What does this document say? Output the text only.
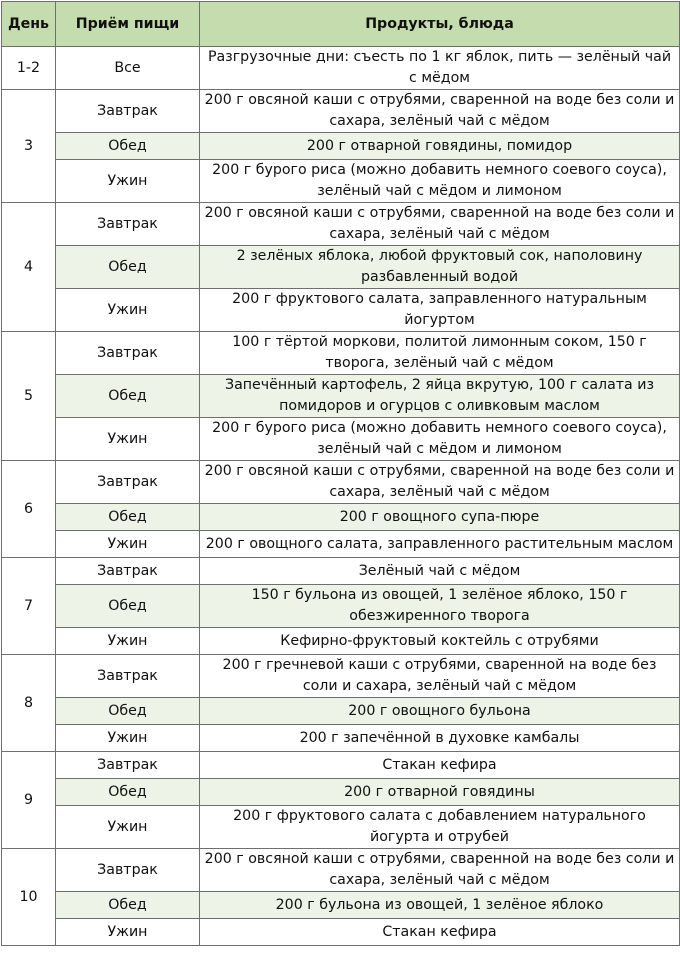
День	Приём пищи	Продукты, блюда
1-2	Все	Разгрузочные дни: съесть по 1 кг яблок, пить — зелёный чай с мёдом
3	Завтрак	200 г овсяной каши с отрубями, сваренной на воде без соли и сахара, зелёный чай с мёдом
	Обед	200 г отварной говядины, помидор
	Ужин	200 г бурого риса (можно добавить немного соевого соуса), зелёный чай с мёдом и лимоном
4	Завтрак	200 г овсяной каши с отрубями, сваренной на воде без соли и сахара, зелёный чай с мёдом
	Обед	2 зелёных яблока, любой фруктовый сок, наполовину разбавленный водой
	Ужин	200 г фруктового салата, заправленного натуральным йогуртом
5	Завтрак	100 г тёртой моркови, политой лимонным соком, 150 г творога, зелёный чай с мёдом
	Обед	Запечённый картофель, 2 яйца вкрутую, 100 г салата из помидоров и огурцов с оливковым маслом
	Ужин	200 г бурого риса (можно добавить немного соевого соуса), зелёный чай с мёдом и лимоном
6	Завтрак	200 г овсяной каши с отрубями, сваренной на воде без соли и сахара, зелёный чай с мёдом
	Обед	200 г овощного супа-пюре
	Ужин	200 г овощного салата, заправленного растительным маслом
7	Завтрак	Зелёный чай с мёдом
	Обед	150 г бульона из овощей, 1 зелёное яблоко, 150 г обезжиренного творога
	Ужин	Кефирно-фруктовый коктейль с отрубями
8	Завтрак	200 г гречневой каши с отрубями, сваренной на воде без соли и сахара, зелёный чай с мёдом
	Обед	200 г овощного бульона
	Ужин	200 г запечённой в духовке камбалы
9	Завтрак	Стакан кефира
	Обед	200 г отварной говядины
	Ужин	200 г фруктового салата с добавлением натурального йогурта и отрубей
10	Завтрак	200 г овсяной каши с отрубями, сваренной на воде без соли и сахара, зелёный чай с мёдом
	Обед	200 г бульона из овощей, 1 зелёное яблоко
	Ужин	Стакан кефира
